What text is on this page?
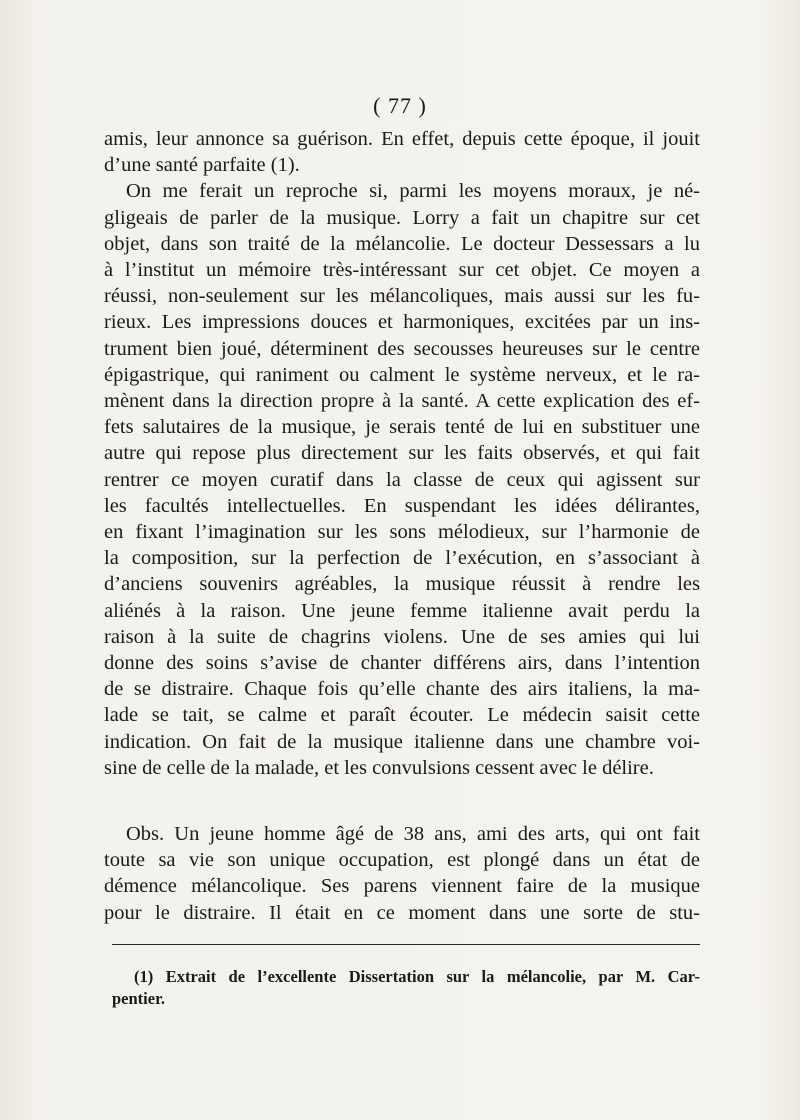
( 77 )
amis, leur annonce sa guérison. En effet, depuis cette époque, il jouit
d’une santé parfaite (1).
On me ferait un reproche si, parmi les moyens moraux, je né-
gligeais de parler de la musique. Lorry a fait un chapitre sur cet
objet, dans son traité de la mélancolie. Le docteur Dessessars a lu
à l’institut un mémoire très-intéressant sur cet objet. Ce moyen a
réussi, non-seulement sur les mélancoliques, mais aussi sur les fu-
rieux. Les impressions douces et harmoniques, excitées par un ins-
trument bien joué, déterminent des secousses heureuses sur le centre
épigastrique, qui raniment ou calment le système nerveux, et le ra-
mènent dans la direction propre à la santé. A cette explication des ef-
fets salutaires de la musique, je serais tenté de lui en substituer une
autre qui repose plus directement sur les faits observés, et qui fait
rentrer ce moyen curatif dans la classe de ceux qui agissent sur
les facultés intellectuelles. En suspendant les idées délirantes,
en fixant l’imagination sur les sons mélodieux, sur l’harmonie de
la composition, sur la perfection de l’exécution, en s’associant à
d’anciens souvenirs agréables, la musique réussit à rendre les
aliénés à la raison. Une jeune femme italienne avait perdu la
raison à la suite de chagrins violens. Une de ses amies qui lui
donne des soins s’avise de chanter différens airs, dans l’intention
de se distraire. Chaque fois qu’elle chante des airs italiens, la ma-
lade se tait, se calme et paraît écouter. Le médecin saisit cette
indication. On fait de la musique italienne dans une chambre voi-
sine de celle de la malade, et les convulsions cessent avec le délire.
Obs. Un jeune homme âgé de 38 ans, ami des arts, qui ont fait
toute sa vie son unique occupation, est plongé dans un état de
démence mélancolique. Ses parens viennent faire de la musique
pour le distraire. Il était en ce moment dans une sorte de stu-
(1) Extrait de l’excellente Dissertation sur la mélancolie, par M. Car-
pentier.
